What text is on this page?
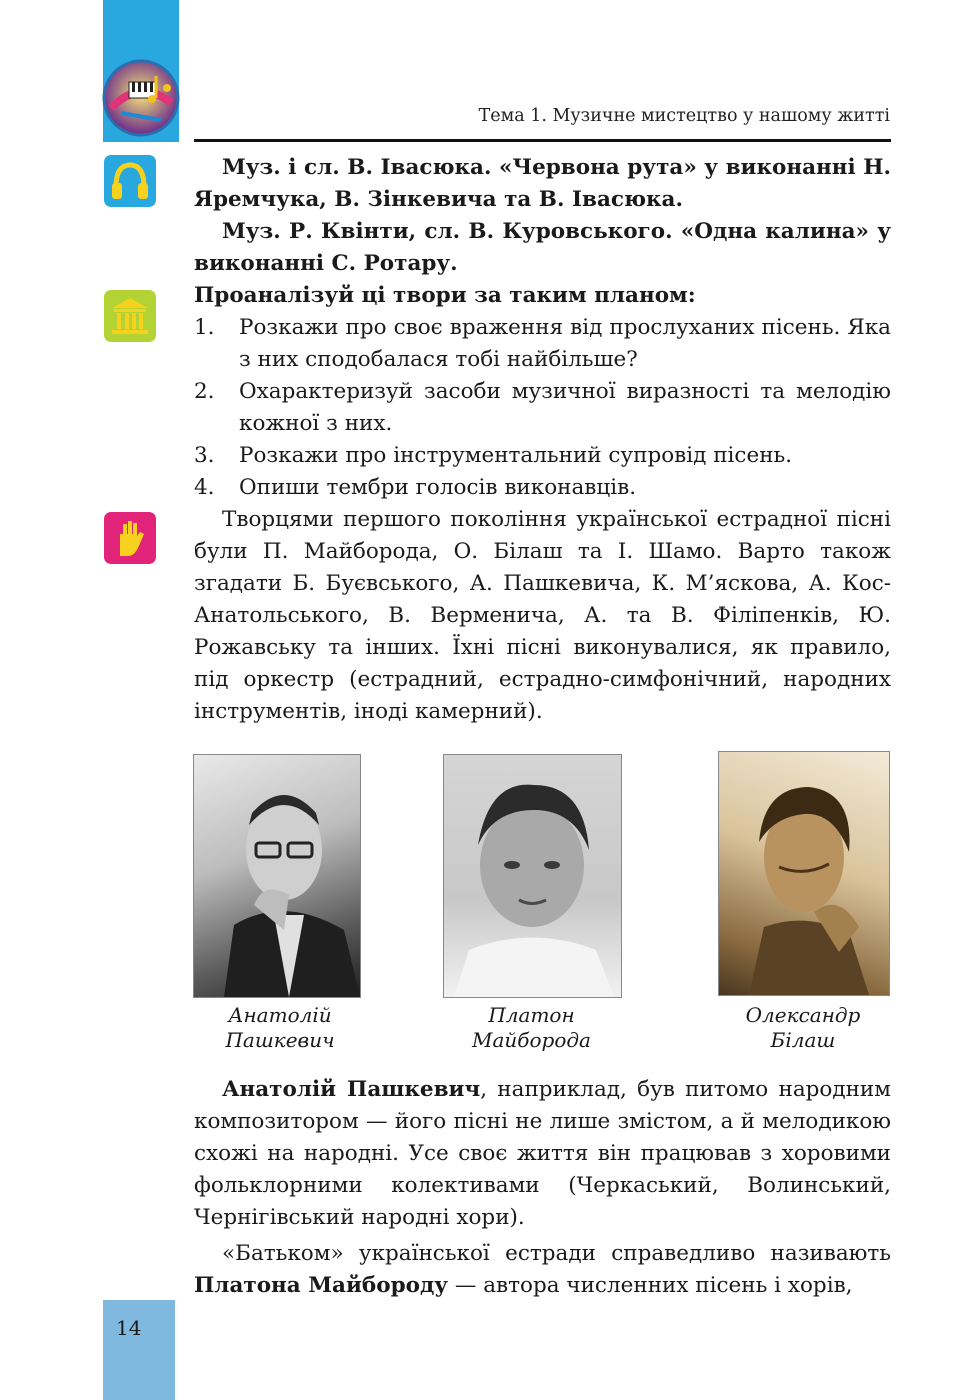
Тема 1. Музичне мистецтво у нашому житті

Муз. і сл. В. Івасюка. «Червона рута» у виконанні Н. Яремчука, В. Зінкевича та В. Івасюка.

Муз. Р. Квінти, сл. В. Куровського. «Одна калина» у виконанні С. Ротару.

Проаналізуй ці твори за таким планом:

1. Розкажи про своє враження від прослуханих пісень. Яка з них сподобалася тобі найбільше?
2. Охарактеризуй засоби музичної виразності та мелодію кожної з них.
3. Розкажи про інструментальний супровід пісень.
4. Опиши тембри голосів виконавців.

Творцями першого покоління української естрадної пісні були П. Майборода, О. Білаш та І. Шамо. Варто також згадати Б. Буєвського, А. Пашкевича, К. М’яскова, А. Кос-Анатольського, В. Верменича, А. та В. Філіпенків, Ю. Рожавську та інших. Їхні пісні виконувалися, як правило, під оркестр (естрадний, естрадно-симфонічний, народних інструментів, іноді камерний).

Анатолій
Пашкевич
Платон
Майборода
Олександр
Білаш

Анатолій Пашкевич, наприклад, був питомо народним композитором — його пісні не лише змістом, а й мелодикою схожі на народні. Усе своє життя він працював з хоровими фольклорними колективами (Черкаський, Волинський, Чернігівський народні хори).

«Батьком» української естради справедливо називають Платона Майбороду — автора численних пісень і хорів,

14
